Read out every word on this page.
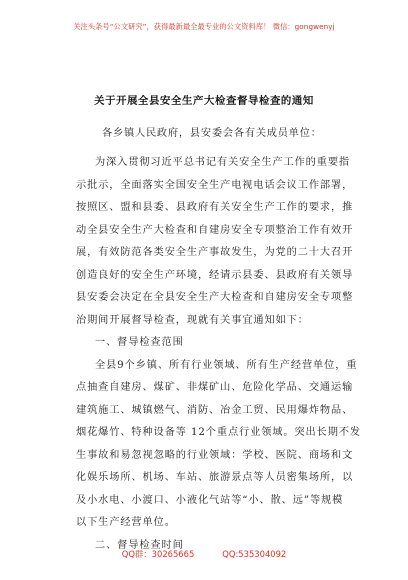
关注头条号“公文研究”，获得最新最全最专业的公文资料库！ 微信：gongwenyj
关于开展全县安全生产大检查督导检查的通知
各乡镇人民政府，县安委会各有关成员单位：
为深入贯彻习近平总书记有关安全生产工作的重要指
示批示，全面落实全国安全生产电视电话会议工作部署，
按照区、盟和县委、县政府有关安全生产工作的要求，推
动全县安全生产大检查和自建房安全专项整治工作有效开
展，有效防范各类安全生产事故发生，为党的二十大召开
创造良好的安全生产环境，经请示县委、县政府有关领导
县安委会决定在全县安全生产大检查和自建房安全专项整
治期间开展督导检查，现就有关事宜通知如下：
一、督导检查范围
全县9个乡镇、所有行业领域、所有生产经营单位，重
点抽查自建房、煤矿、非煤矿山、危险化学品、交通运输
建筑施工、城镇燃气、消防、冶金工贸、民用爆炸物品、
烟花爆竹、特种设备等 12个重点行业领域。突出长期不发
生事故和易忽视忽略的行业领域：学校、医院、商场和文
化娱乐场所、机场、车站、旅游景点等人员密集场所，以
及小水电、小渡口、小液化气站等“小、散、远”等规模
以下生产经营单位。
二、督导检查时间
QQ群：30265665	QQ:535304092
